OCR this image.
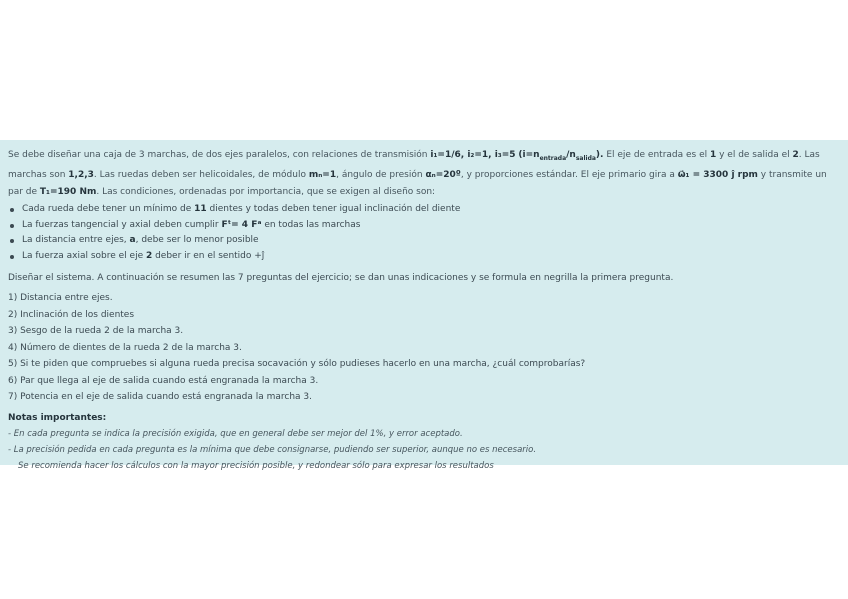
Se debe diseñar una caja de 3 marchas, de dos ejes paralelos, con relaciones de transmisión i₁=1/6, i₂=1, i₃=5 $(i=n_{entrada}/n_{salida})$. El eje de entrada es el 1 y el de salida el 2. Las marchas son 1,2,3. Las ruedas deben ser helicoidales, de módulo mₙ=1, ángulo de presión αₙ=20º, y proporciones estándar. El eje primario gira a ω⃗₁ = 3300 ĵ rpm y transmite un par de T₁=190 Nm. Las condiciones, ordenadas por importancia, que se exigen al diseño son:

Cada rueda debe tener un mínimo de 11 dientes y todas deben tener igual inclinación del diente
La fuerzas tangencial y axial deben cumplir Fᵗ= 4 Fᵃ en todas las marchas
La distancia entre ejes, a, debe ser lo menor posible
La fuerza axial sobre el eje 2 deber ir en el sentido +ĵ

Diseñar el sistema. A continuación se resumen las 7 preguntas del ejercicio; se dan unas indicaciones y se formula en negrilla la primera pregunta.

1) Distancia entre ejes.
2) Inclinación de los dientes
3) Sesgo de la rueda 2 de la marcha 3.
4) Número de dientes de la rueda 2 de la marcha 3.
5) Si te piden que compruebes si alguna rueda precisa socavación y sólo pudieses hacerlo en una marcha, ¿cuál comprobarías?
6) Par que llega al eje de salida cuando está engranada la marcha 3.
7) Potencia en el eje de salida cuando está engranada la marcha 3.
Notas importantes:
- En cada pregunta se indica la precisión exigida, que en general debe ser mejor del 1%, y error aceptado.
- La precisión pedida en cada pregunta es la mínima que debe consignarse, pudiendo ser superior, aunque no es necesario.
Se recomienda hacer los cálculos con la mayor precisión posible, y redondear sólo para expresar los resultados
